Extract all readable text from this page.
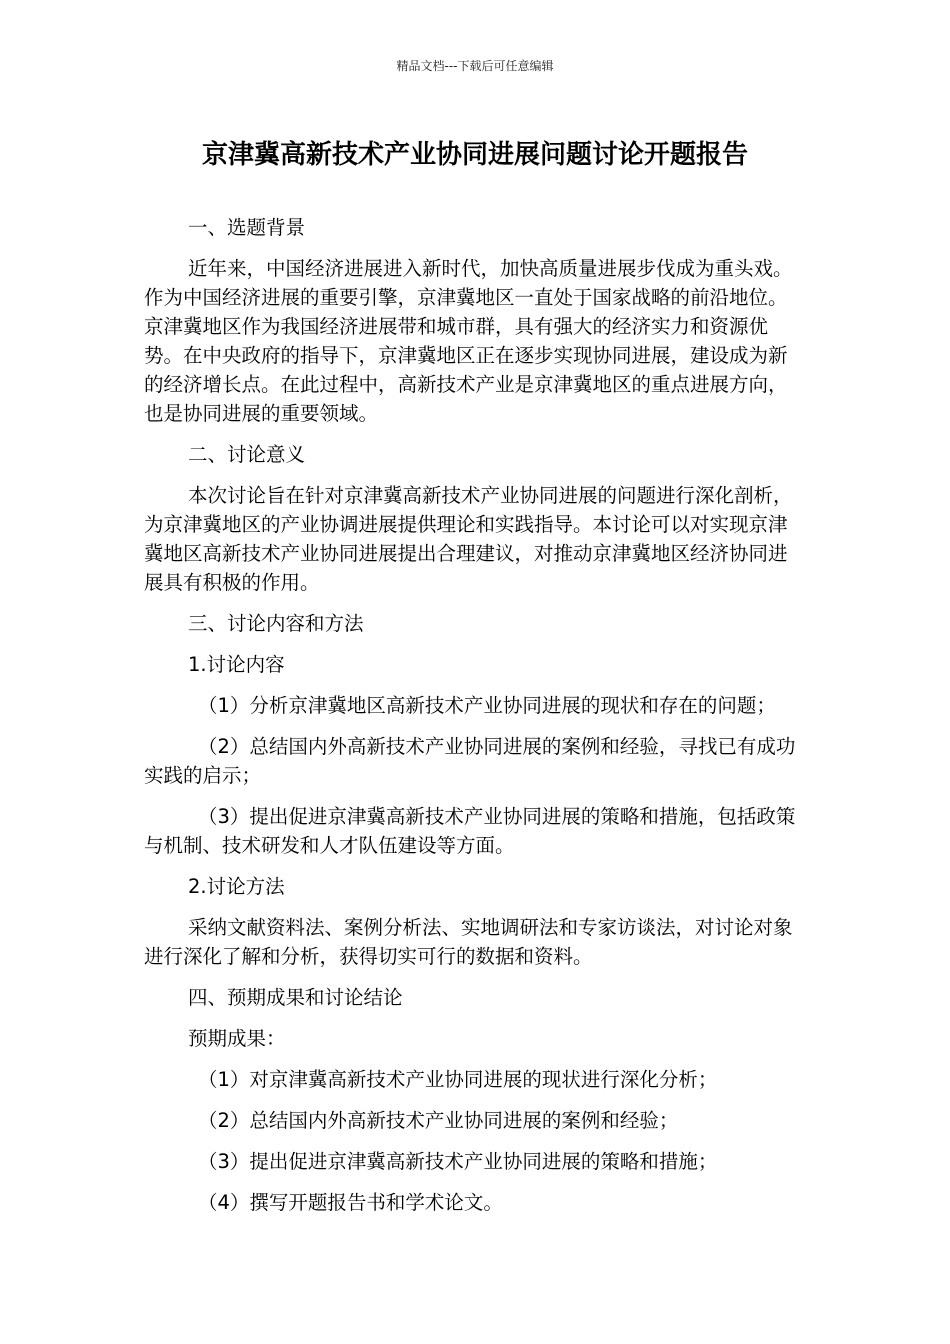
精品文档---下载后可任意编辑
京津冀高新技术产业协同进展问题讨论开题报告

一、选题背景

近年来，中国经济进展进入新时代，加快高质量进展步伐成为重头戏。作为中国经济进展的重要引擎，京津冀地区一直处于国家战略的前沿地位。京津冀地区作为我国经济进展带和城市群，具有强大的经济实力和资源优势。在中央政府的指导下，京津冀地区正在逐步实现协同进展，建设成为新的经济增长点。在此过程中，高新技术产业是京津冀地区的重点进展方向，也是协同进展的重要领域。

二、讨论意义

本次讨论旨在针对京津冀高新技术产业协同进展的问题进行深化剖析，为京津冀地区的产业协调进展提供理论和实践指导。本讨论可以对实现京津冀地区高新技术产业协同进展提出合理建议，对推动京津冀地区经济协同进展具有积极的作用。

三、讨论内容和方法

1.讨论内容

（1）分析京津冀地区高新技术产业协同进展的现状和存在的问题；

（2）总结国内外高新技术产业协同进展的案例和经验，寻找已有成功实践的启示；

（3）提出促进京津冀高新技术产业协同进展的策略和措施，包括政策与机制、技术研发和人才队伍建设等方面。

2.讨论方法

采纳文献资料法、案例分析法、实地调研法和专家访谈法，对讨论对象进行深化了解和分析，获得切实可行的数据和资料。

四、预期成果和讨论结论

预期成果：

（1）对京津冀高新技术产业协同进展的现状进行深化分析；

（2）总结国内外高新技术产业协同进展的案例和经验；

（3）提出促进京津冀高新技术产业协同进展的策略和措施；

（4）撰写开题报告书和学术论文。
